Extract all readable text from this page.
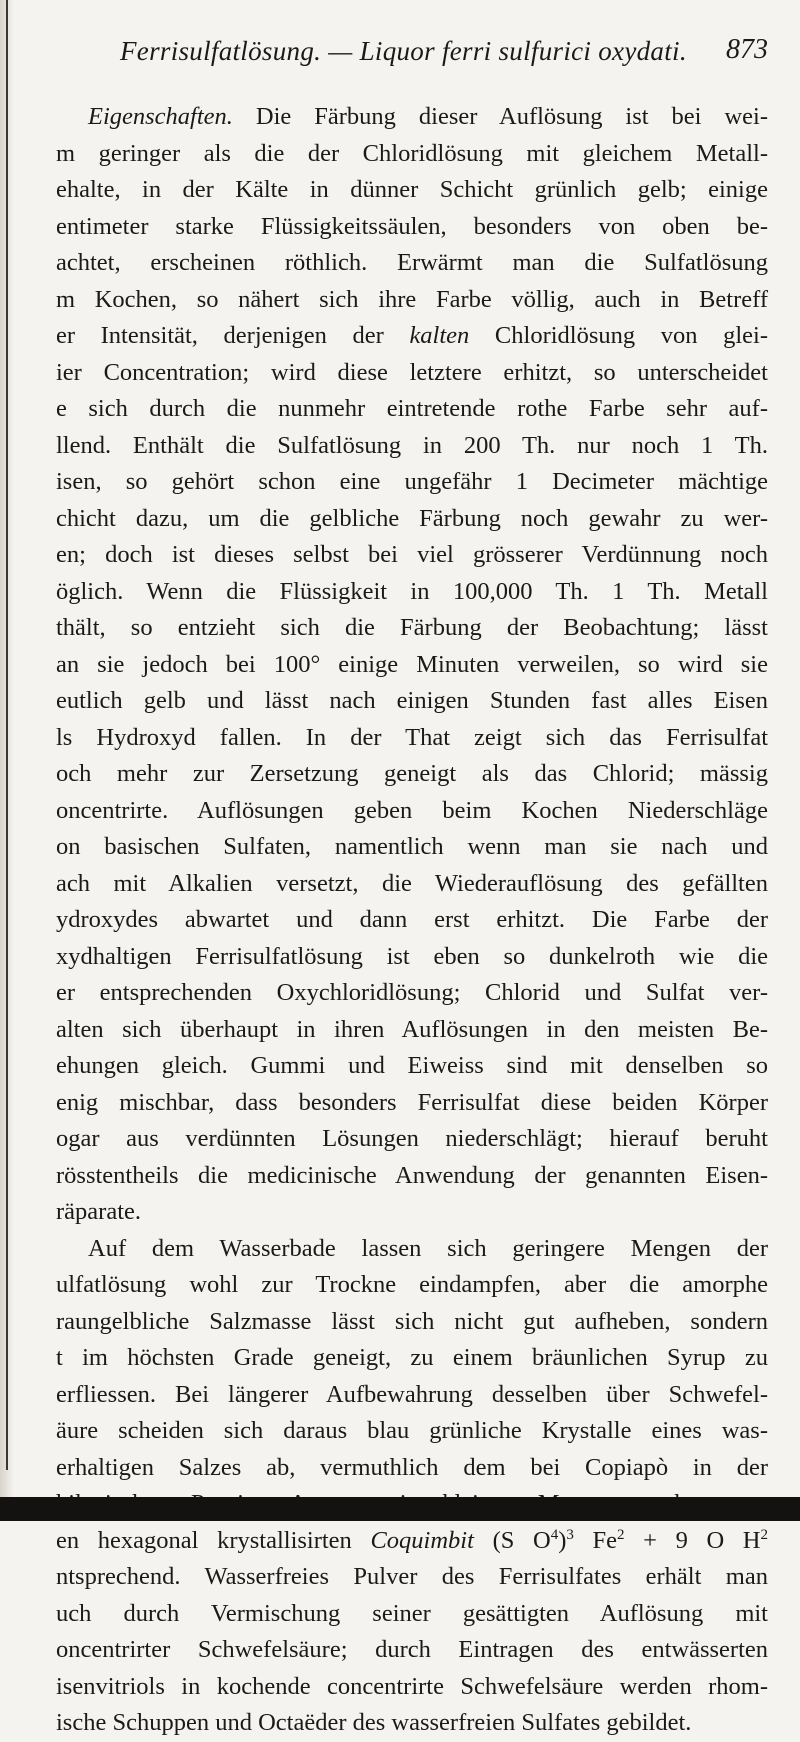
Ferrisulfatlösung. — Liquor ferri sulfurici oxydati. 873
Eigenschaften. Die Färbung dieser Auflösung ist bei wei-
m geringer als die der Chloridlösung mit gleichem Metall-
ehalte, in der Kälte in dünner Schicht grünlich gelb; einige
entimeter starke Flüssigkeitssäulen, besonders von oben be-
achtet, erscheinen röthlich. Erwärmt man die Sulfatlösung
m Kochen, so nähert sich ihre Farbe völlig, auch in Betreff
er Intensität, derjenigen der kalten Chloridlösung von glei-
ier Concentration; wird diese letztere erhitzt, so unterscheidet
e sich durch die nunmehr eintretende rothe Farbe sehr auf-
llend. Enthält die Sulfatlösung in 200 Th. nur noch 1 Th.
isen, so gehört schon eine ungefähr 1 Decimeter mächtige
chicht dazu, um die gelbliche Färbung noch gewahr zu wer-
en; doch ist dieses selbst bei viel grösserer Verdünnung noch
öglich. Wenn die Flüssigkeit in 100,000 Th. 1 Th. Metall
thält, so entzieht sich die Färbung der Beobachtung; lässt
an sie jedoch bei 100° einige Minuten verweilen, so wird sie
eutlich gelb und lässt nach einigen Stunden fast alles Eisen
ls Hydroxyd fallen. In der That zeigt sich das Ferrisulfat
och mehr zur Zersetzung geneigt als das Chlorid; mässig
oncentrirte. Auflösungen geben beim Kochen Niederschläge
on basischen Sulfaten, namentlich wenn man sie nach und
ach mit Alkalien versetzt, die Wiederauflösung des gefällten
ydroxydes abwartet und dann erst erhitzt. Die Farbe der
xydhaltigen Ferrisulfatlösung ist eben so dunkelroth wie die
er entsprechenden Oxychloridlösung; Chlorid und Sulfat ver-
alten sich überhaupt in ihren Auflösungen in den meisten Be-
ehungen gleich. Gummi und Eiweiss sind mit denselben so
enig mischbar, dass besonders Ferrisulfat diese beiden Körper
ogar aus verdünnten Lösungen niederschlägt; hierauf beruht
rösstentheils die medicinische Anwendung der genannten Eisen-
räparate.
Auf dem Wasserbade lassen sich geringere Mengen der
ulfatlösung wohl zur Trockne eindampfen, aber die amorphe
raungelbliche Salzmasse lässt sich nicht gut aufheben, sondern
t im höchsten Grade geneigt, zu einem bräunlichen Syrup zu
erfliessen. Bei längerer Aufbewahrung desselben über Schwefel-
äure scheiden sich daraus blau grünliche Krystalle eines was-
erhaltigen Salzes ab, vermuthlich dem bei Copiapò in der
en hexagonal krystallisirten Coquimbit (S $O^4)^3$ $Fe^2 + 9$ O $H^2$
ntsprechend. Wasserfreies Pulver des Ferrisulfates erhält man
uch durch Vermischung seiner gesättigten Auflösung mit
oncentrirter Schwefelsäure; durch Eintragen des entwässerten
isenvitriols in kochende concentrirte Schwefelsäure werden rhom-
ische Schuppen und Octaëder des wasserfreien Sulfates gebildet.
